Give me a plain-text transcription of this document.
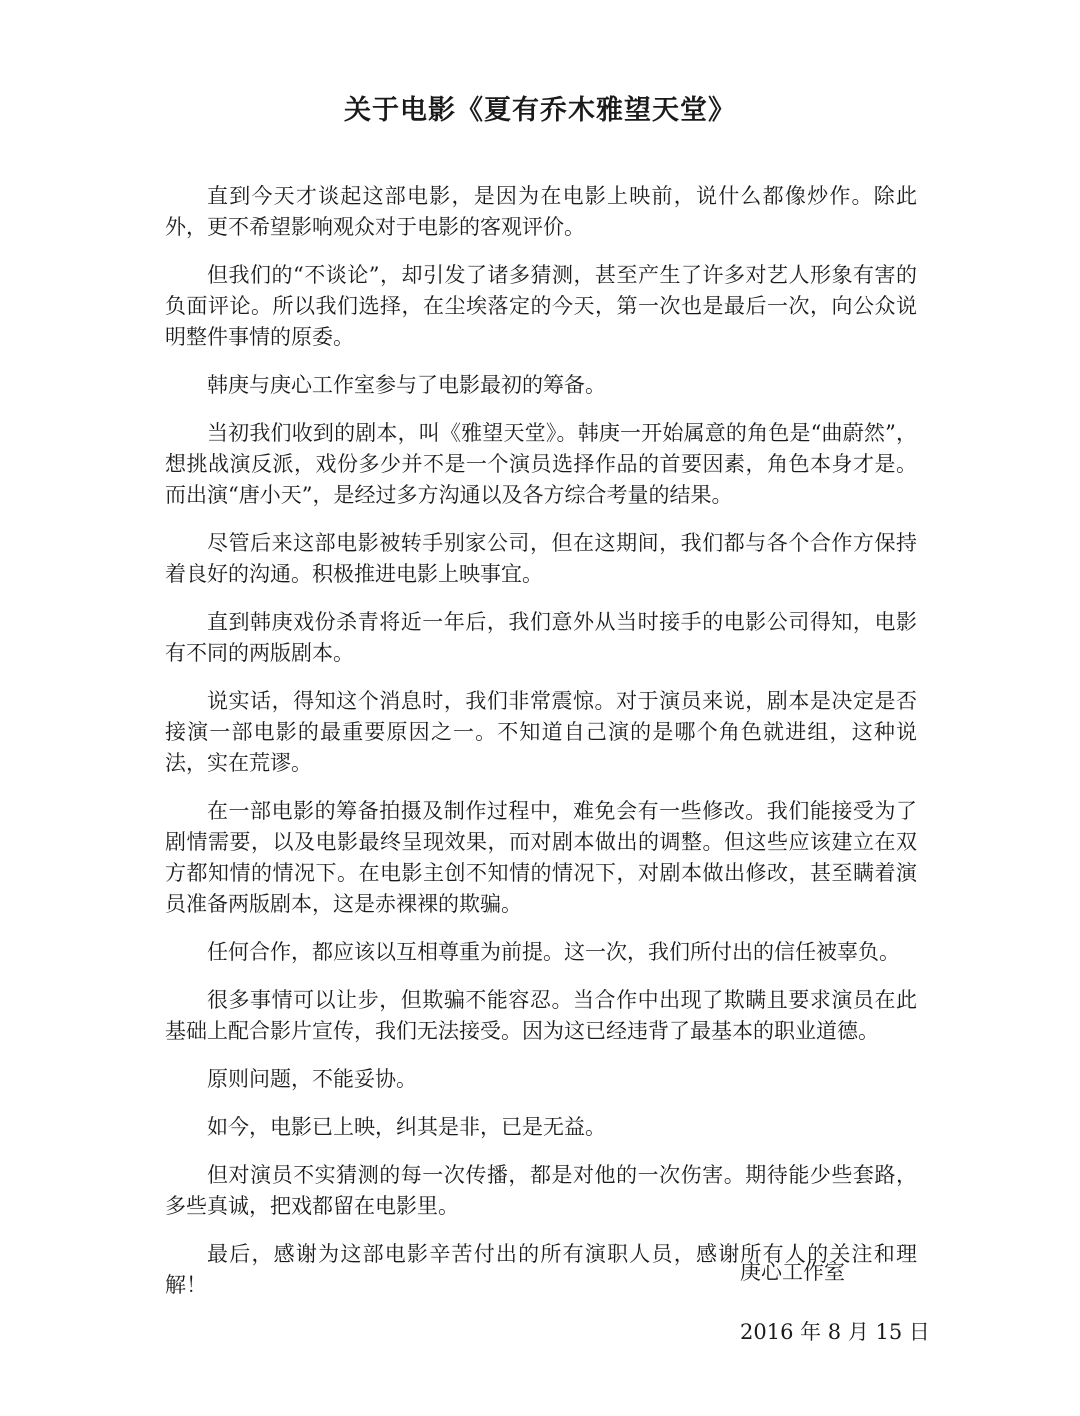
关于电影《夏有乔木雅望天堂》

直到今天才谈起这部电影，是因为在电影上映前，说什么都像炒作。除此外，更不希望影响观众对于电影的客观评价。

但我们的“不谈论”，却引发了诸多猜测，甚至产生了许多对艺人形象有害的负面评论。所以我们选择，在尘埃落定的今天，第一次也是最后一次，向公众说明整件事情的原委。

韩庚与庚心工作室参与了电影最初的筹备。

当初我们收到的剧本，叫《雅望天堂》。韩庚一开始属意的角色是“曲蔚然”，想挑战演反派，戏份多少并不是一个演员选择作品的首要因素，角色本身才是。而出演“唐小天”，是经过多方沟通以及各方综合考量的结果。

尽管后来这部电影被转手别家公司，但在这期间，我们都与各个合作方保持着良好的沟通。积极推进电影上映事宜。

直到韩庚戏份杀青将近一年后，我们意外从当时接手的电影公司得知，电影有不同的两版剧本。

说实话，得知这个消息时，我们非常震惊。对于演员来说，剧本是决定是否接演一部电影的最重要原因之一。不知道自己演的是哪个角色就进组，这种说法，实在荒谬。

在一部电影的筹备拍摄及制作过程中，难免会有一些修改。我们能接受为了剧情需要，以及电影最终呈现效果，而对剧本做出的调整。但这些应该建立在双方都知情的情况下。在电影主创不知情的情况下，对剧本做出修改，甚至瞒着演员准备两版剧本，这是赤裸裸的欺骗。

任何合作，都应该以互相尊重为前提。这一次，我们所付出的信任被辜负。

很多事情可以让步，但欺骗不能容忍。当合作中出现了欺瞒且要求演员在此基础上配合影片宣传，我们无法接受。因为这已经违背了最基本的职业道德。

原则问题，不能妥协。

如今，电影已上映，纠其是非，已是无益。

但对演员不实猜测的每一次传播，都是对他的一次伤害。期待能少些套路，多些真诚，把戏都留在电影里。

最后，感谢为这部电影辛苦付出的所有演职人员，感谢所有人的关注和理解！

庚心工作室

2016 年 8 月 15 日
